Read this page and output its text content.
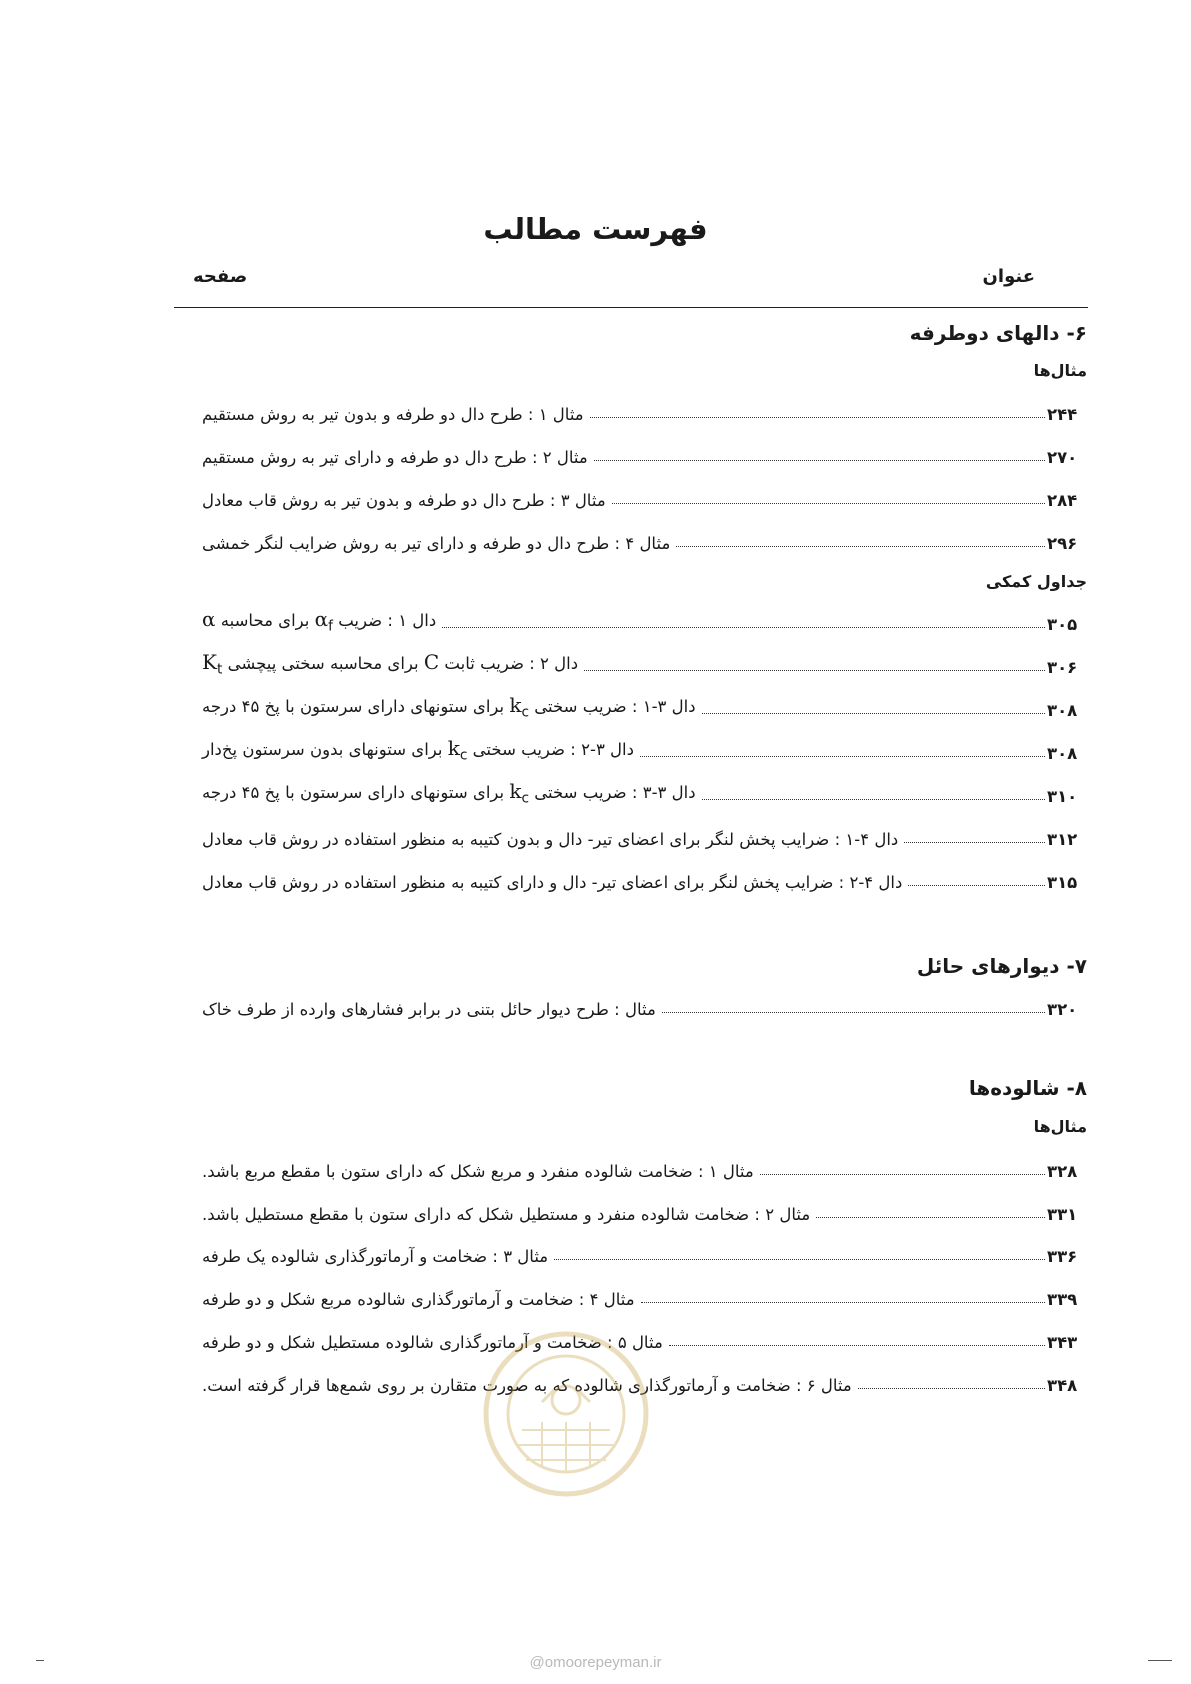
فهرست مطالب
عنوان
صفحه
۶- دالهای دوطرفه
مثال‌ها
مثال ۱ : طرح دال دو طرفه و بدون تیر به روش مستقیم	۲۴۴
مثال ۲ : طرح دال دو طرفه و دارای تیر به روش مستقیم	۲۷۰
مثال ۳ : طرح دال دو طرفه و بدون تیر به روش قاب معادل	۲۸۴
مثال ۴ : طرح دال دو طرفه و دارای تیر به روش ضرایب لنگر خمشی	۲۹۶
جداول کمکی
دال ۱ : ضریب $\alpha_f$ برای محاسبه α	۳۰۵
دال ۲ : ضریب ثابت C برای محاسبه سختی پیچشی $K_t$	۳۰۶
دال ۳-۱ : ضریب سختی $k_c$ برای ستونهای دارای سرستون با پخ ۴۵ درجه	۳۰۸
دال ۳-۲ : ضریب سختی $k_c$ برای ستونهای بدون سرستون پخ‌دار	۳۰۸
دال ۳-۳ : ضریب سختی $k_c$ برای ستونهای دارای سرستون با پخ ۴۵ درجه	۳۱۰
دال ۴-۱ : ضرایب پخش لنگر برای اعضای تیر- دال و بدون کتیبه به منظور استفاده در روش قاب معادل	۳۱۲
دال ۴-۲ : ضرایب پخش لنگر برای اعضای تیر- دال و دارای کتیبه به منظور استفاده در روش قاب معادل	۳۱۵
۷- دیوارهای حائل
مثال : طرح دیوار حائل بتنی در برابر فشارهای وارده از طرف خاک	۳۲۰
۸- شالوده‌ها
مثال‌ها
مثال ۱ : ضخامت شالوده منفرد و مربع شکل که دارای ستون با مقطع مربع باشد.	۳۲۸
مثال ۲ : ضخامت شالوده منفرد و مستطیل شکل که دارای ستون با مقطع مستطیل باشد.	۳۳۱
مثال ۳ : ضخامت و آرماتورگذاری شالوده یک طرفه	۳۳۶
مثال ۴ : ضخامت و آرماتورگذاری شالوده مربع شکل و دو طرفه	۳۳۹
مثال ۵ : ضخامت و آرماتورگذاری شالوده مستطیل شکل و دو طرفه	۳۴۳
مثال ۶ : ضخامت و آرماتورگذاری شالوده که به صورت متقارن بر روی شمع‌ها قرار گرفته است.	۳۴۸
@omoorepeyman.ir
